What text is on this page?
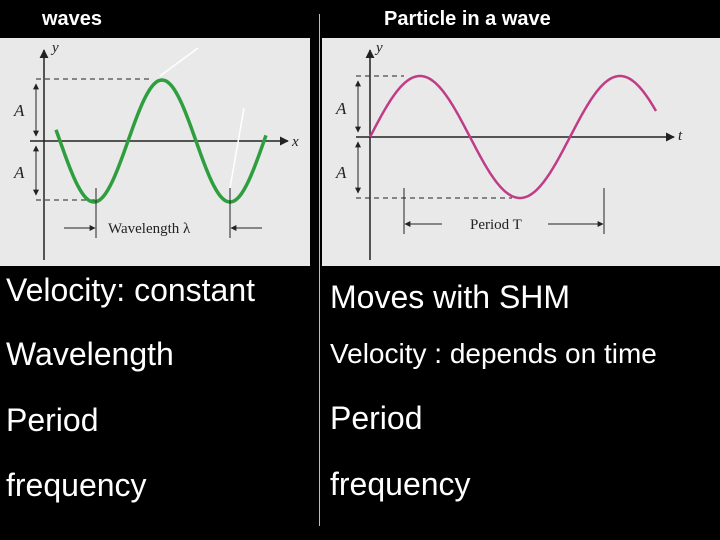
waves	Particle in a wave
y
x
A
A
Wavelength λ
y
t
A
A
Period T
Velocity: constant
Wavelength
Period
frequency
Moves with SHM
Velocity : depends on time
Period
frequency
